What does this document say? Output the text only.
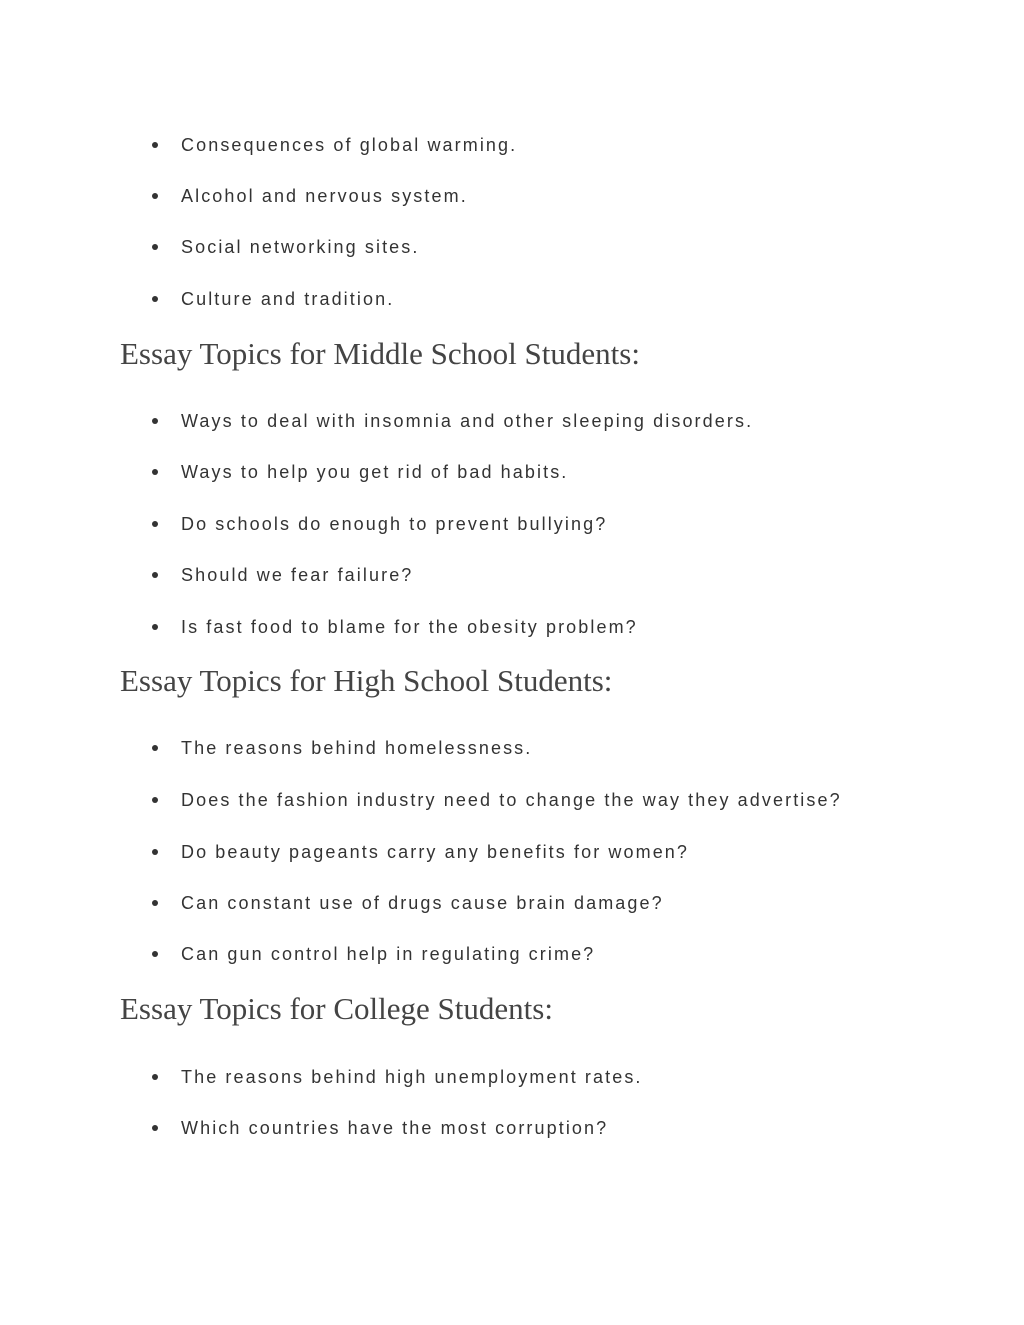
Consequences of global warming.
Alcohol and nervous system.
Social networking sites.
Culture and tradition.
Essay Topics for Middle School Students:
Ways to deal with insomnia and other sleeping disorders.
Ways to help you get rid of bad habits.
Do schools do enough to prevent bullying?
Should we fear failure?
Is fast food to blame for the obesity problem?
Essay Topics for High School Students:
The reasons behind homelessness.
Does the fashion industry need to change the way they advertise?
Do beauty pageants carry any benefits for women?
Can constant use of drugs cause brain damage?
Can gun control help in regulating crime?
Essay Topics for College Students:
The reasons behind high unemployment rates.
Which countries have the most corruption?
